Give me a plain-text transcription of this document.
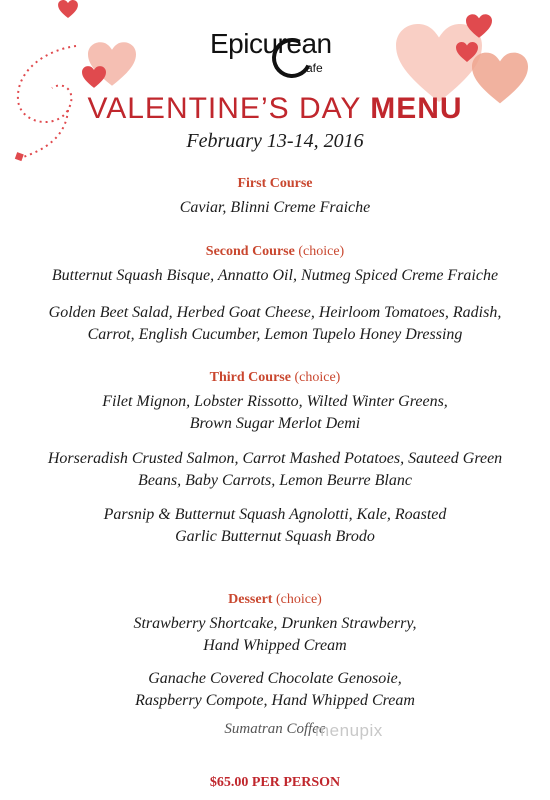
Epicurean
afe
VALENTINE’S DAY MENU
February 13-14, 2016
First Course
Caviar, Blinni Creme Fraiche
Second Course (choice)
Butternut Squash Bisque, Annatto Oil, Nutmeg Spiced Creme Fraiche
Golden Beet Salad, Herbed Goat Cheese, Heirloom Tomatoes, Radish, Carrot, English Cucumber, Lemon Tupelo Honey Dressing
Third Course (choice)
Filet Mignon, Lobster Rissotto, Wilted Winter Greens, Brown Sugar Merlot Demi
Horseradish Crusted Salmon, Carrot Mashed Potatoes, Sauteed Green Beans, Baby Carrots, Lemon Beurre Blanc
Parsnip & Butternut Squash Agnolotti, Kale, Roasted Garlic Butternut Squash Brodo
Dessert (choice)
Strawberry Shortcake, Drunken Strawberry, Hand Whipped Cream
Ganache Covered Chocolate Genosoie, Raspberry Compote, Hand Whipped Cream
Sumatran Coffee
menupix
$65.00 PER PERSON
